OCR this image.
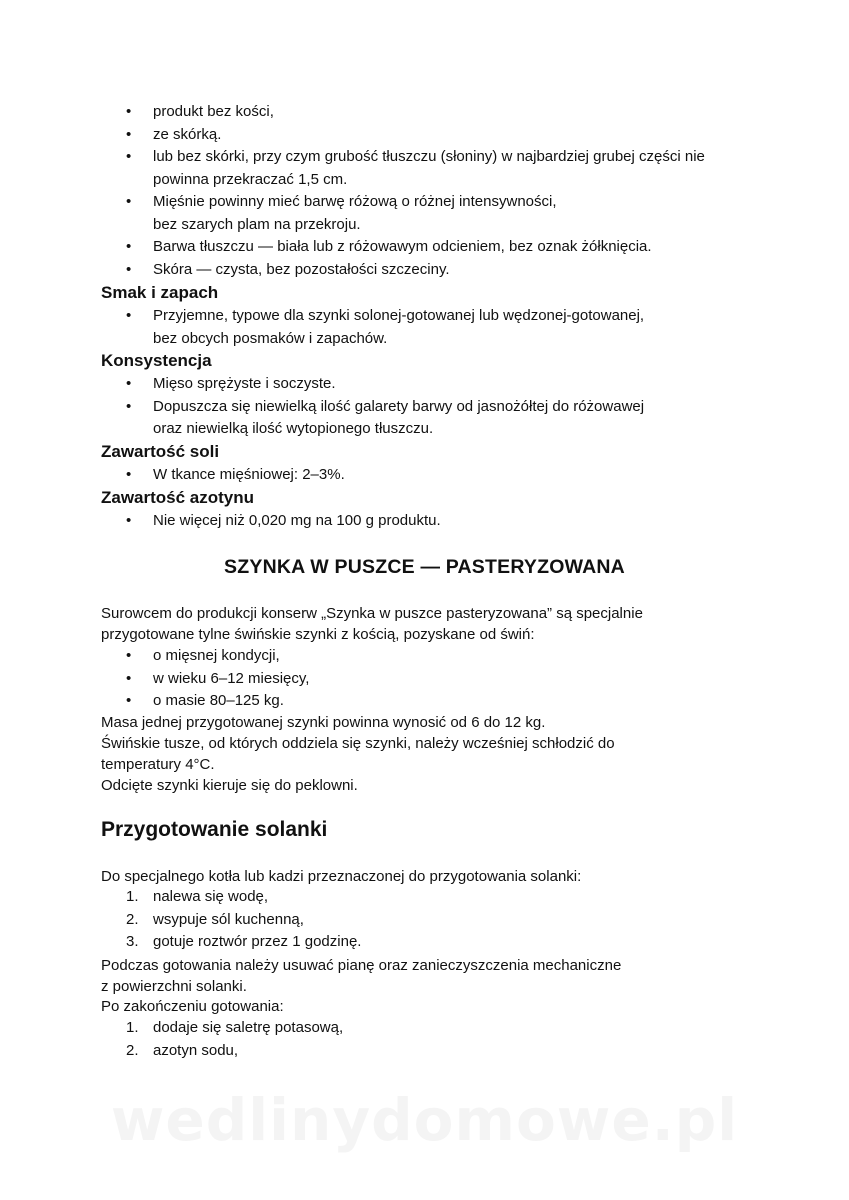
• produkt bez kości,
• ze skórką.
• lub bez skórki, przy czym grubość tłuszczu (słoniny) w najbardziej grubej części nie powinna przekraczać 1,5 cm.
• Mięśnie powinny mieć barwę różową o różnej intensywności,
bez szarych plam na przekroju.
• Barwa tłuszczu — biała lub z różowawym odcieniem, bez oznak żółknięcia.
• Skóra — czysta, bez pozostałości szczeciny.
Smak i zapach
• Przyjemne, typowe dla szynki solonej-gotowanej lub wędzonej-gotowanej,
bez obcych posmaków i zapachów.
Konsystencja
• Mięso sprężyste i soczyste.
• Dopuszcza się niewielką ilość galarety barwy od jasnożółtej do różowawej
oraz niewielką ilość wytopionego tłuszczu.
Zawartość soli
• W tkance mięśniowej: 2–3%.
Zawartość azotynu
• Nie więcej niż 0,020 mg na 100 g produktu.
SZYNKA W PUSZCE — PASTERYZOWANA

Surowcem do produkcji konserw „Szynka w puszce pasteryzowana” są specjalnie przygotowane tylne świńskie szynki z kością, pozyskane od świń:

• o mięsnej kondycji,
• w wieku 6–12 miesięcy,
• o masie 80–125 kg.

Masa jednej przygotowanej szynki powinna wynosić od 6 do 12 kg.

Świńskie tusze, od których oddziela się szynki, należy wcześniej schłodzić do temperatury 4°C.

Odcięte szynki kieruje się do peklowni.

Przygotowanie solanki

Do specjalnego kotła lub kadzi przeznaczonej do przygotowania solanki:

1. nalewa się wodę,
2. wsypuje sól kuchenną,
3. gotuje roztwór przez 1 godzinę.

Podczas gotowania należy usuwać pianę oraz zanieczyszczenia mechaniczne
z powierzchni solanki.

Po zakończeniu gotowania:

1. dodaje się saletrę potasową,
2. azotyn sodu,
wedlinydomowe.pl
